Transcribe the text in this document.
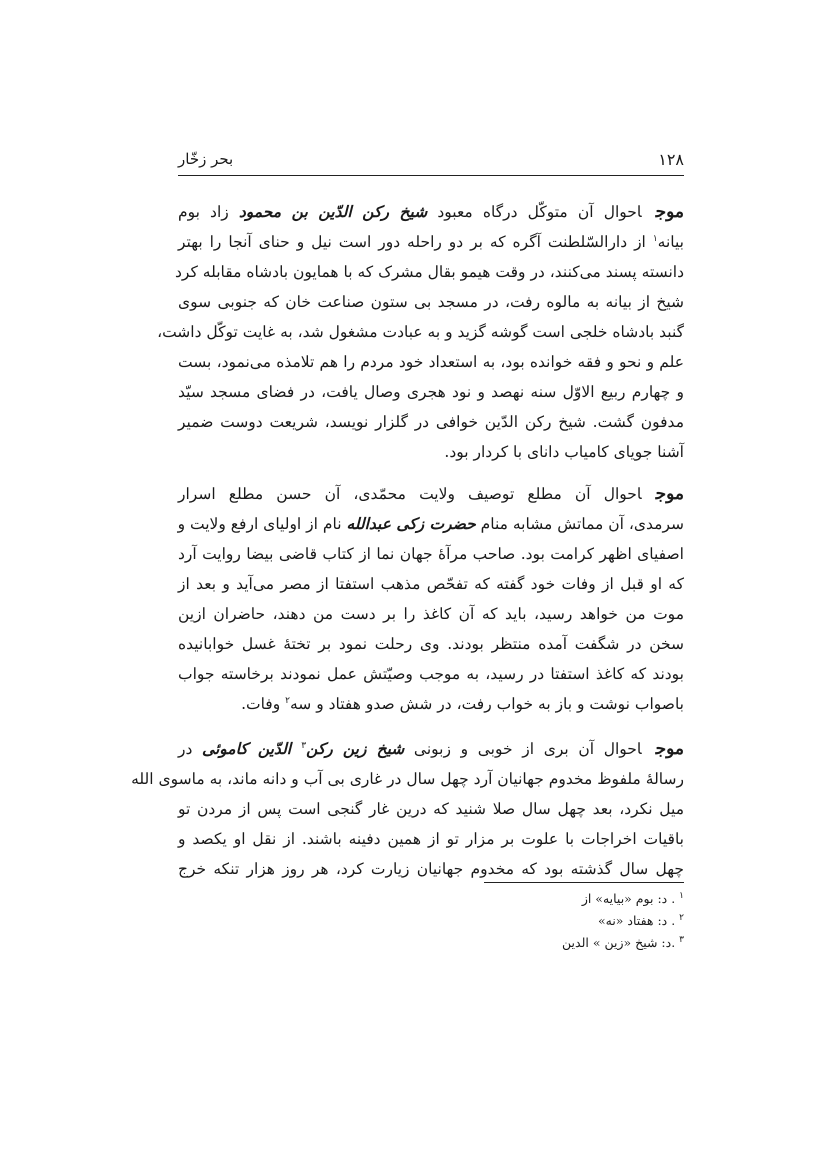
۱۲۸
بحر زخّار
موجاحوال آن متوکّل درگاه معبود شیخ رکن الدّین بن محمود زاد بوم
بیانه$^۱$ از دارالسّلطنت آگره که بر دو راحله دور است نیل و حنای آنجا را بهتر
دانسته پسند می‌کنند، در وقت هیمو بقال مشرک که با همایون بادشاه مقابله کرد
شیخ از بیانه به مالوه رفت، در مسجد بی ستون صناعت خان که جنوبی سوی
گنبد بادشاه خلجی است گوشه گزید و به عبادت مشغول شد، به غایت توکّل داشت،
علم و نحو و فقه خوانده بود، به استعداد خود مردم را هم تلامذه می‌نمود، بست
و چهارم ربیع الاوّل سنه نهصد و نود هجری وصال یافت، در فضای مسجد سیّد
مدفون گشت. شیخ رکن الدّین خوافی در گلزار نویسد، شریعت دوست ضمیر
آشنا جویای کامیاب دانای با کردار بود.
موجاحوال آن مطلع توصیف ولایت محمّدی، آن حسن مطلع اسرار
سرمدی، آن مماتش مشابه منام حضرت زکی عبدالله نام از اولیای ارفع ولایت و
اصفیای اظهر کرامت بود. صاحب مرآهٔ جهان نما از کتاب قاضی بیضا روایت آرد
که او قبل از وفات خود گفته که تفحّص مذهب استفتا از مصر می‌آید و بعد از
موت من خواهد رسید، باید که آن کاغذ را بر دست من دهند، حاضران ازین
سخن در شگفت آمده منتظر بودند. وی رحلت نمود بر تختهٔ غسل خوابانیده
بودند که کاغذ استفتا در رسید، به موجب وصیّتش عمل نمودند برخاسته جواب
باصواب نوشت و باز به خواب رفت، در شش صدو هفتاد و سه$^۲$ وفات.
موجاحوال آن بری از خوبی و زبونی شیخ زین رکن$^۳$ الدّین کاموئی در
رسالهٔ ملفوظ مخدوم جهانیان آرد چهل سال در غاری بی آب و دانه ماند، به ماسوی الله
میل نکرد، بعد چهل سال صلا شنید که درین غار گنجی است پس از مردن تو
باقیات اخراجات با علوت بر مزار تو از همین دفینه باشند. از نقل او یکصد و
چهل سال گذشته بود که مخدوم جهانیان زیارت کرد، هر روز هزار تنکه خرج
$^۱$ . د: بوم «بیایه» از
$^۲$ . د: هفتاد «نه»
$^۳$ .د: شیخ «زین » الدین
